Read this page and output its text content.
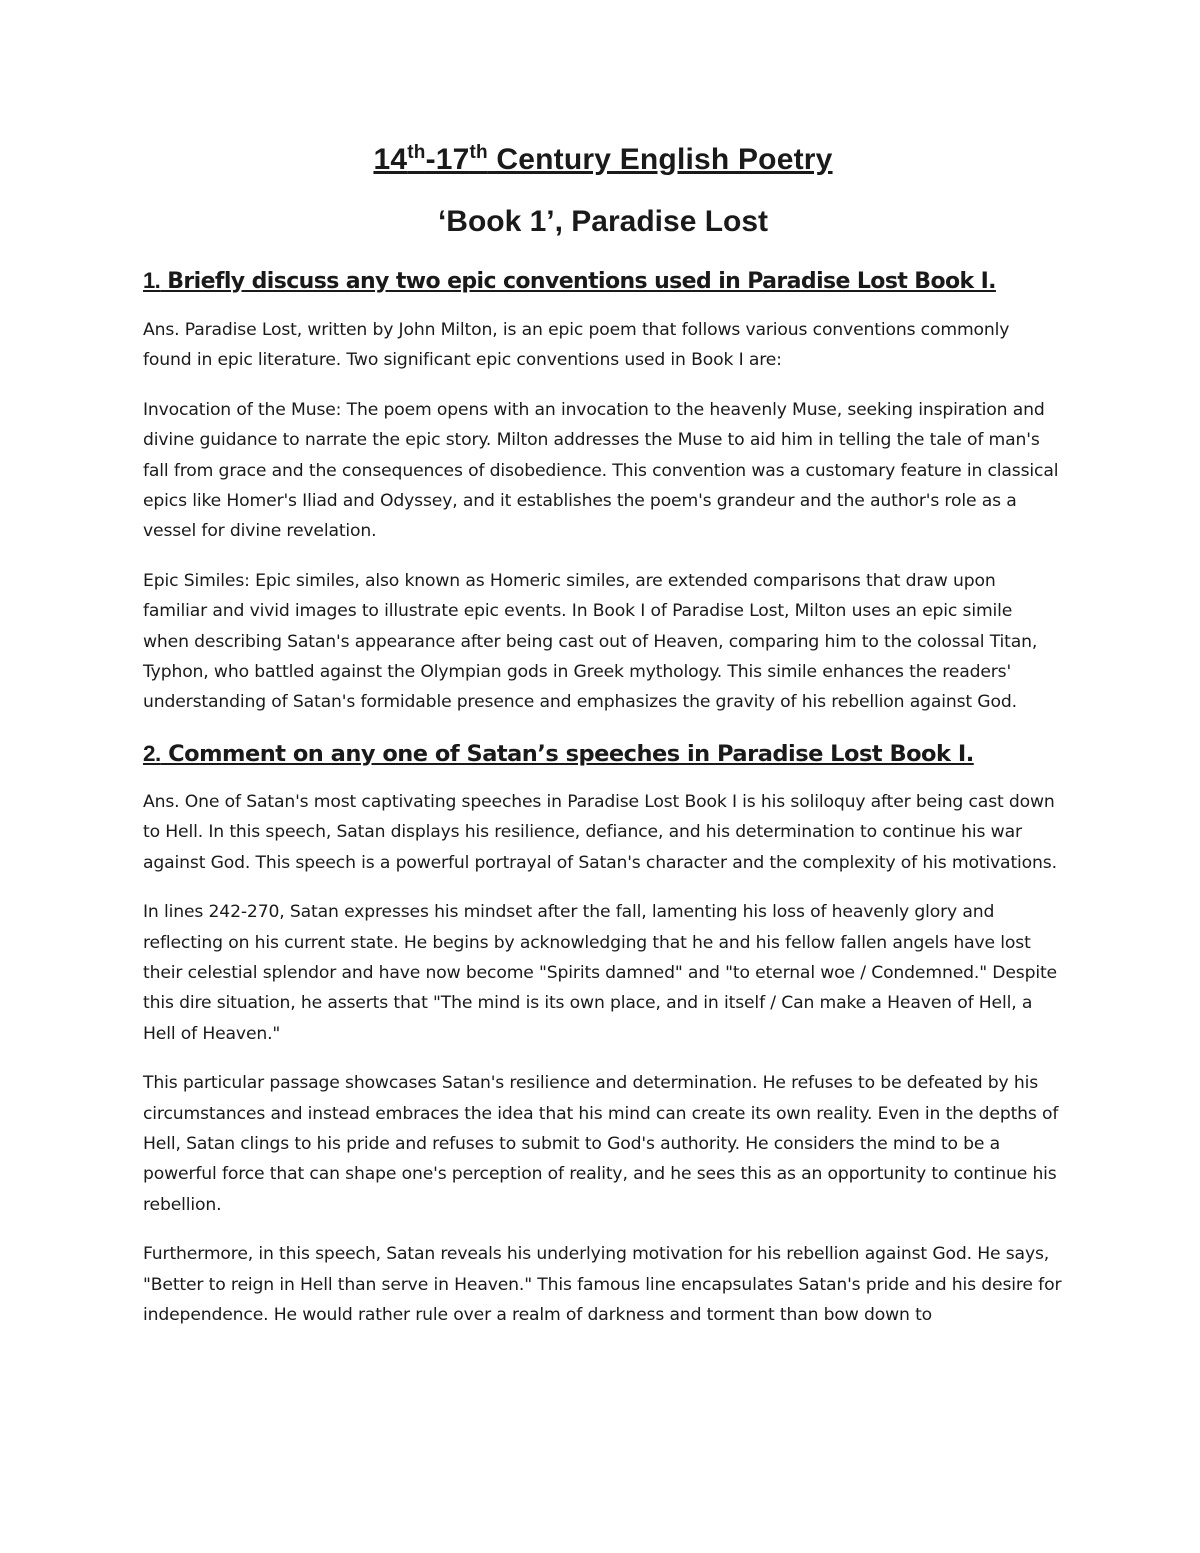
14th-17th Century English Poetry
‘Book 1’, Paradise Lost
1. Briefly discuss any two epic conventions used in Paradise Lost Book I.

Ans. Paradise Lost, written by John Milton, is an epic poem that follows various conventions commonly found in epic literature. Two significant epic conventions used in Book I are:

Invocation of the Muse: The poem opens with an invocation to the heavenly Muse, seeking inspiration and divine guidance to narrate the epic story. Milton addresses the Muse to aid him in telling the tale of man's fall from grace and the consequences of disobedience. This convention was a customary feature in classical epics like Homer's Iliad and Odyssey, and it establishes the poem's grandeur and the author's role as a vessel for divine revelation.

Epic Similes: Epic similes, also known as Homeric similes, are extended comparisons that draw upon familiar and vivid images to illustrate epic events. In Book I of Paradise Lost, Milton uses an epic simile when describing Satan's appearance after being cast out of Heaven, comparing him to the colossal Titan, Typhon, who battled against the Olympian gods in Greek mythology. This simile enhances the readers' understanding of Satan's formidable presence and emphasizes the gravity of his rebellion against God.

2. Comment on any one of Satan’s speeches in Paradise Lost Book I.

Ans. One of Satan's most captivating speeches in Paradise Lost Book I is his soliloquy after being cast down to Hell. In this speech, Satan displays his resilience, defiance, and his determination to continue his war against God. This speech is a powerful portrayal of Satan's character and the complexity of his motivations.

In lines 242-270, Satan expresses his mindset after the fall, lamenting his loss of heavenly glory and reflecting on his current state. He begins by acknowledging that he and his fellow fallen angels have lost their celestial splendor and have now become "Spirits damned" and "to eternal woe / Condemned." Despite this dire situation, he asserts that "The mind is its own place, and in itself / Can make a Heaven of Hell, a Hell of Heaven."

This particular passage showcases Satan's resilience and determination. He refuses to be defeated by his circumstances and instead embraces the idea that his mind can create its own reality. Even in the depths of Hell, Satan clings to his pride and refuses to submit to God's authority. He considers the mind to be a powerful force that can shape one's perception of reality, and he sees this as an opportunity to continue his rebellion.

Furthermore, in this speech, Satan reveals his underlying motivation for his rebellion against God. He says, "Better to reign in Hell than serve in Heaven." This famous line encapsulates Satan's pride and his desire for independence. He would rather rule over a realm of darkness and torment than bow down to
